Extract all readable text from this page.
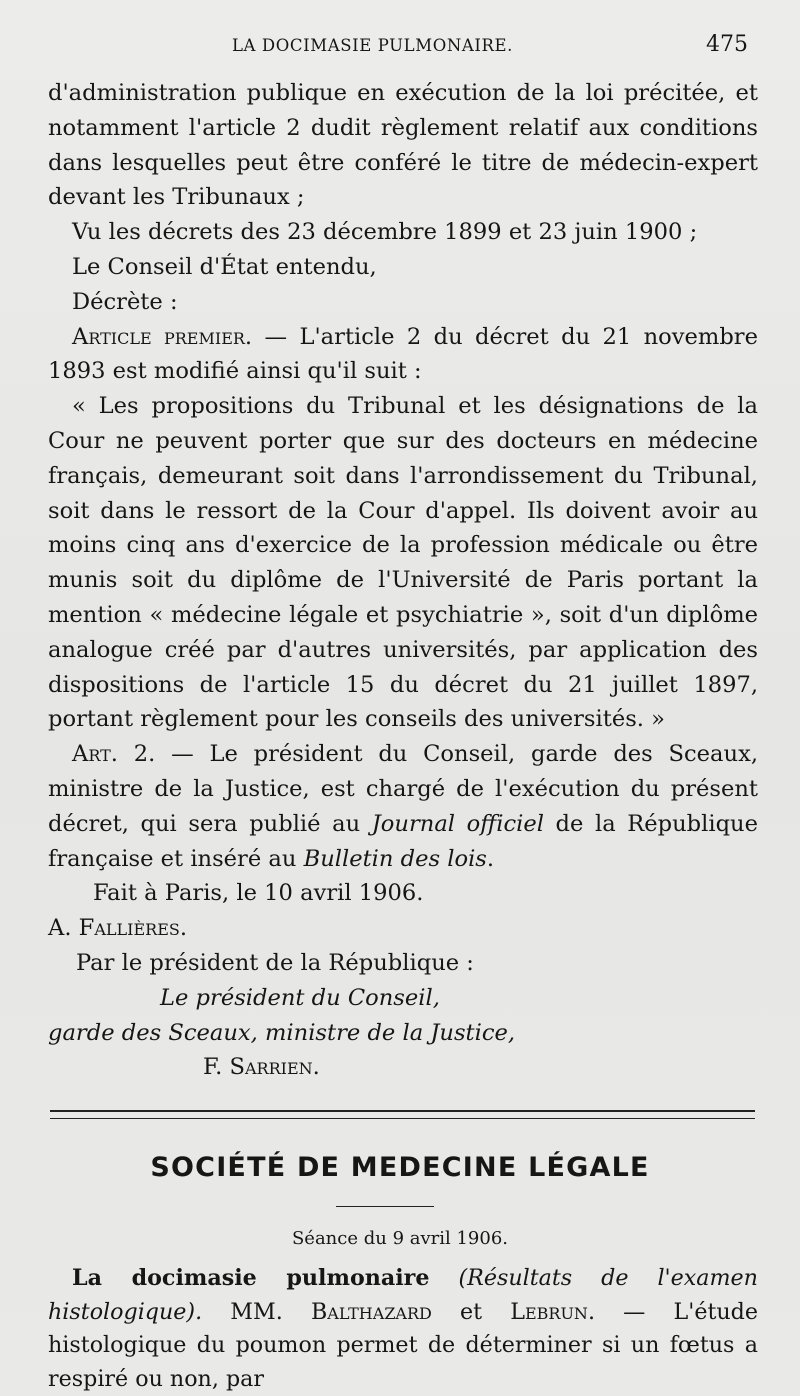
LA DOCIMASIE PULMONAIRE.	475

d'administration publique en exécution de la loi précitée, et notamment l'article 2 dudit règlement relatif aux conditions dans lesquelles peut être conféré le titre de médecin-expert devant les Tribunaux ;

Vu les décrets des 23 décembre 1899 et 23 juin 1900 ;

Le Conseil d'État entendu,

Décrète :

Article premier. — L'article 2 du décret du 21 novembre 1893 est modifié ainsi qu'il suit :

« Les propositions du Tribunal et les désignations de la Cour ne peuvent porter que sur des docteurs en médecine français, demeurant soit dans l'arrondissement du Tribunal, soit dans le ressort de la Cour d'appel. Ils doivent avoir au moins cinq ans d'exercice de la profession médicale ou être munis soit du diplôme de l'Université de Paris portant la mention « médecine légale et psychiatrie », soit d'un diplôme analogue créé par d'autres universités, par application des dispositions de l'article 15 du décret du 21 juillet 1897, portant règlement pour les conseils des universités. »

Art. 2. — Le président du Conseil, garde des Sceaux, ministre de la Justice, est chargé de l'exécution du présent décret, qui sera publié au Journal officiel de la République française et inséré au Bulletin des lois.

Fait à Paris, le 10 avril 1906.

A. Fallières.

Par le président de la République :

Le président du Conseil,

garde des Sceaux, ministre de la Justice,

F. Sarrien.

SOCIÉTÉ DE MEDECINE LÉGALE
Séance du 9 avril 1906.

La docimasie pulmonaire (Résultats de l'examen histologique). MM. Balthazard et Lebrun. — L'étude histologique du poumon permet de déterminer si un fœtus a respiré ou non, par
